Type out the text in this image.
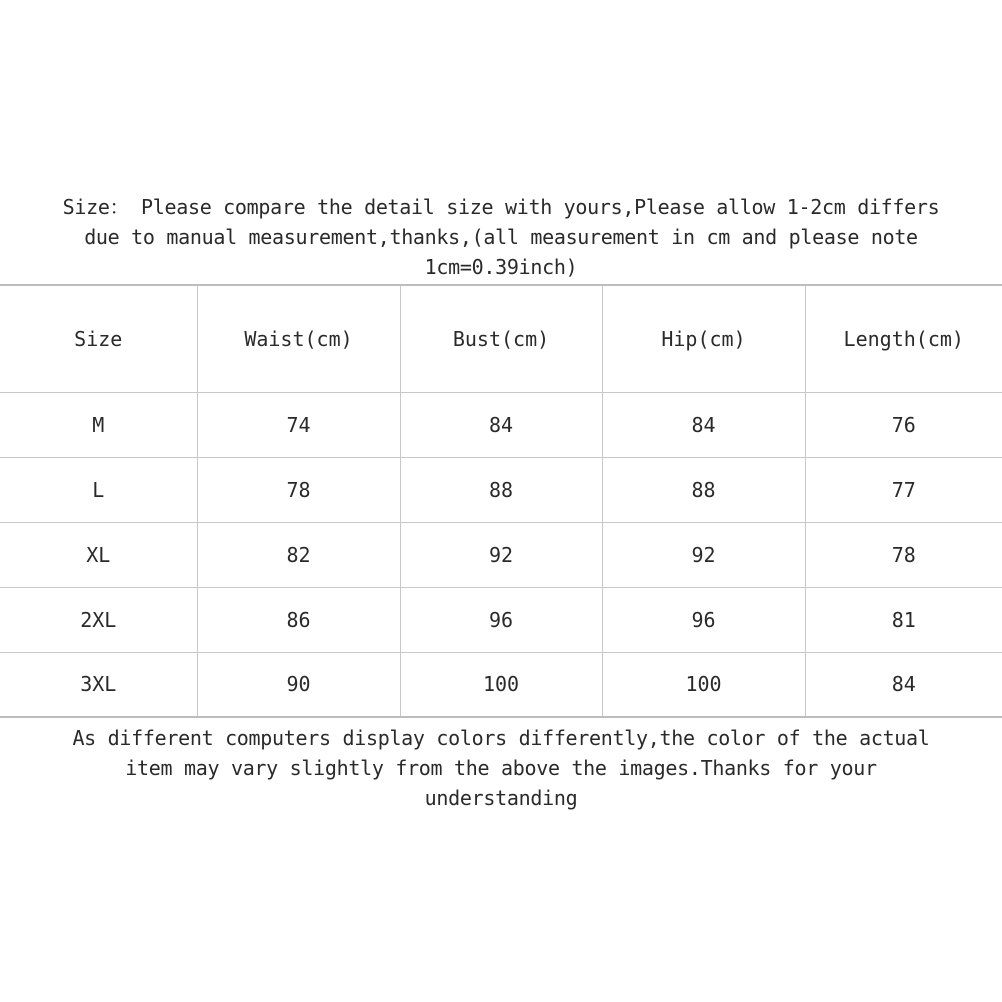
Size： Please compare the detail size with yours,Please allow 1-2cm differs
due to manual measurement,thanks,(all measurement in cm and please note
1cm=0.39inch)
Size	Waist(cm)	Bust(cm)	Hip(cm)	Length(cm)
M	74	84	84	76
L	78	88	88	77
XL	82	92	92	78
2XL	86	96	96	81
3XL	90	100	100	84
As different computers display colors differently,the color of the actual
item may vary slightly from the above the images.Thanks for your
understanding
